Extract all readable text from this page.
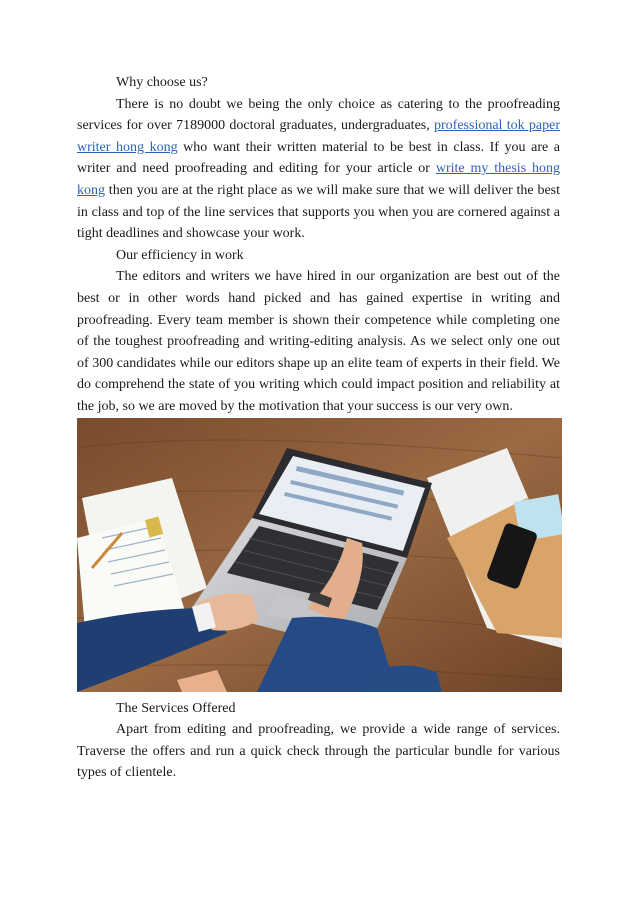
Why choose us?

There is no doubt we being the only choice as catering to the proofreading services for over 7189000 doctoral graduates, undergraduates, professional tok paper writer hong kong who want their written material to be best in class. If you are a writer and need proofreading and editing for your article or write my thesis hong kong then you are at the right place as we will make sure that we will deliver the best in class and top of the line services that supports you when you are cornered against a tight deadlines and showcase your work.

Our efficiency in work

The editors and writers we have hired in our organization are best out of the best or in other words hand picked and has gained expertise in writing and proofreading. Every team member is shown their competence while completing one of the toughest proofreading and writing-editing analysis. As we select only one out of 300 candidates while our editors shape up an elite team of experts in their field. We do comprehend the state of you writing which could impact position and reliability at the job, so we are moved by the motivation that your success is our very own.

The Services Offered

Apart from editing and proofreading, we provide a wide range of services. Traverse the offers and run a quick check through the particular bundle for various types of clientele.
